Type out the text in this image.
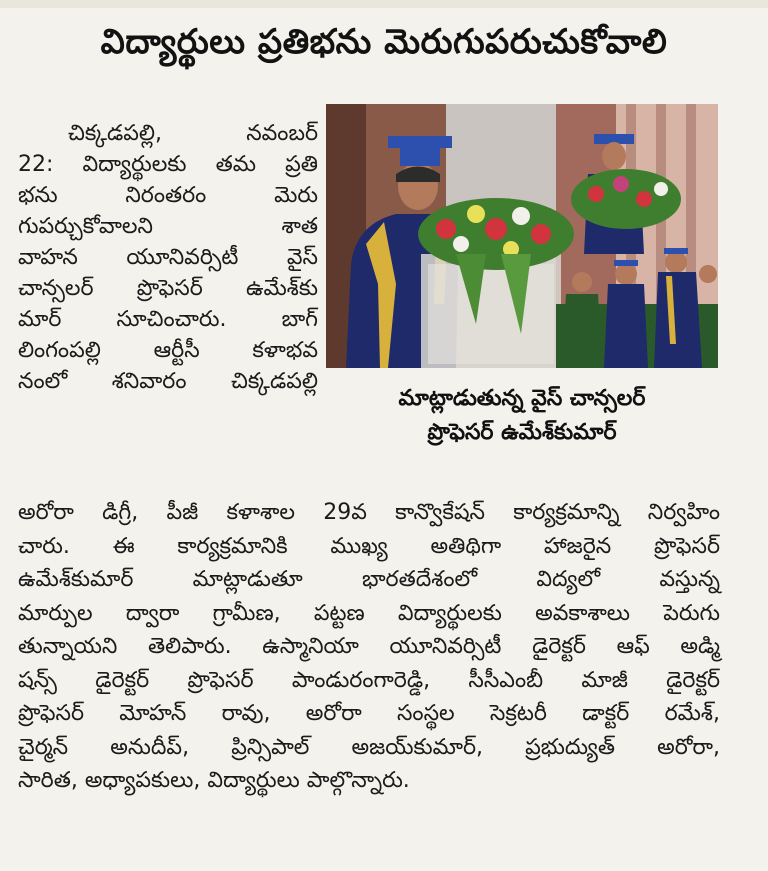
విద్యార్థులు ప్రతిభను మెరుగుపరుచుకోవాలి
చిక్కడపల్లి, నవంబర్
22: విద్యార్థులకు తమ ప్రతి
భను నిరంతరం మెరు
గుపర్చుకోవాలని శాత
వాహన యూనివర్సిటీ వైస్
చాన్సలర్ ప్రొఫెసర్ ఉమేశ్‌కు
మార్ సూచించారు. బాగ్
లింగంపల్లి ఆర్టీసీ కళాభవ
నంలో శనివారం చిక్కడపల్లి
మాట్లాడుతున్న వైస్ చాన్సలర్
ప్రొఫెసర్ ఉమేశ్‌కుమార్
అరోరా డిగ్రీ, పీజీ కళాశాల 29వ కాన్వొకేషన్ కార్యక్రమాన్ని నిర్వహిం
చారు. ఈ కార్యక్రమానికి ముఖ్య అతిథిగా హాజరైన ప్రొఫెసర్
ఉమేశ్‌కుమార్ మాట్లాడుతూ భారతదేశంలో విద్యలో వస్తున్న
మార్పుల ద్వారా గ్రామీణ, పట్టణ విద్యార్థులకు అవకాశాలు పెరుగు
తున్నాయని తెలిపారు. ఉస్మానియా యూనివర్సిటీ డైరెక్టర్ ఆఫ్ అడ్మి
షన్స్ డైరెక్టర్ ప్రొఫెసర్ పాండురంగారెడ్డి, సీసీఎంబీ మాజీ డైరెక్టర్
ప్రొఫెసర్ మోహన్ రావు, అరోరా సంస్థల సెక్రటరీ డాక్టర్ రమేశ్,
చైర్మన్ అనుదీప్, ప్రిన్సిపాల్ అజయ్‌కుమార్, ప్రభుద్యుత్ అరోరా,
సారిత, అధ్యాపకులు, విద్యార్థులు పాల్గొన్నారు.
